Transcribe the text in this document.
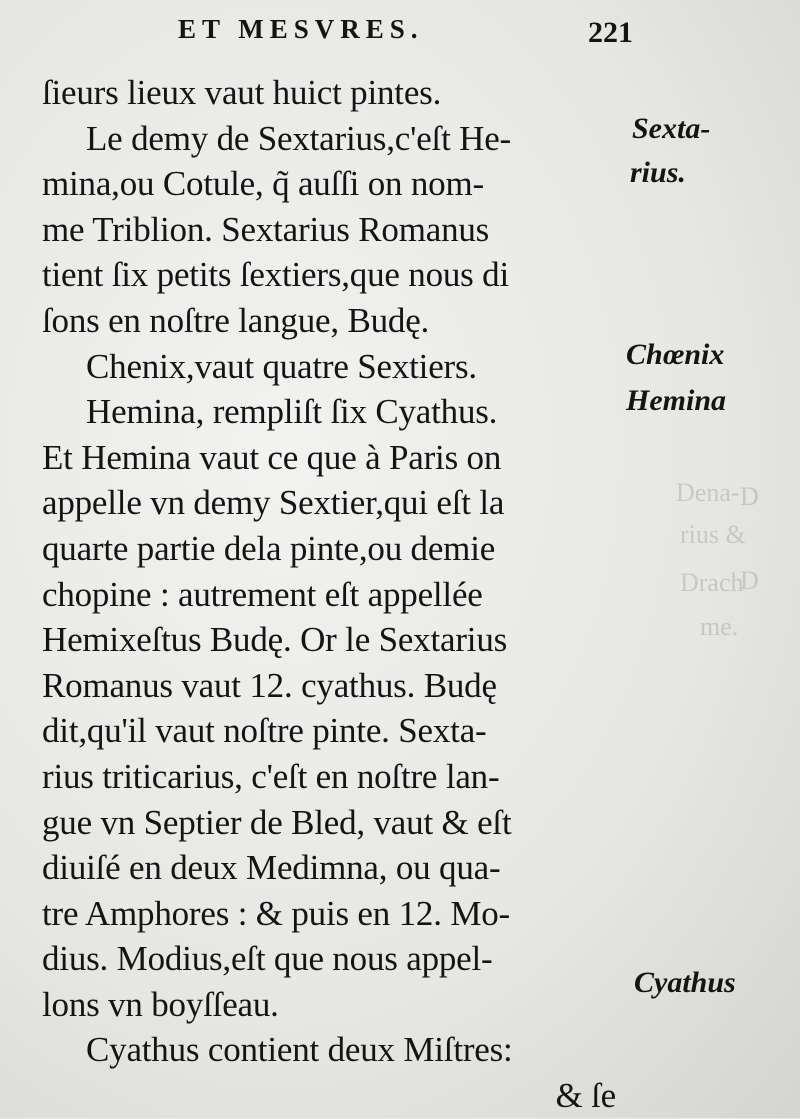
Dena-
rius &
Drach
me.
D
D
ET MESVRES.	221
ſieurs lieux vaut huict pintes.
Le demy de Sextarius,c'eſt He-
mina,ou Cotule, q̃ auſſi on nom-
me Triblion. Sextarius Romanus
tient ſix petits ſextiers,que nous di
ſons en noſtre langue, Budę.
Chenix,vaut quatre Sextiers.
Hemina, rempliſt ſix Cyathus.
Et Hemina vaut ce que à Paris on
appelle vn demy Sextier,qui eſt la
quarte partie dela pinte,ou demie
chopine : autrement eſt appellée
Hemixeſtus Budę. Or le Sextarius
Romanus vaut 12. cyathus. Budę
dit,qu'il vaut noſtre pinte. Sexta-
rius triticarius, c'eſt en noſtre lan-
gue vn Septier de Bled, vaut & eſt
diuiſé en deux Medimna, ou qua-
tre Amphores : & puis en 12. Mo-
dius. Modius,eſt que nous appel-
lons vn boyſſeau.
Cyathus contient deux Miſtres:
& ſe
Sexta-
rius.
Chœnix
Hemina
Cyathus
